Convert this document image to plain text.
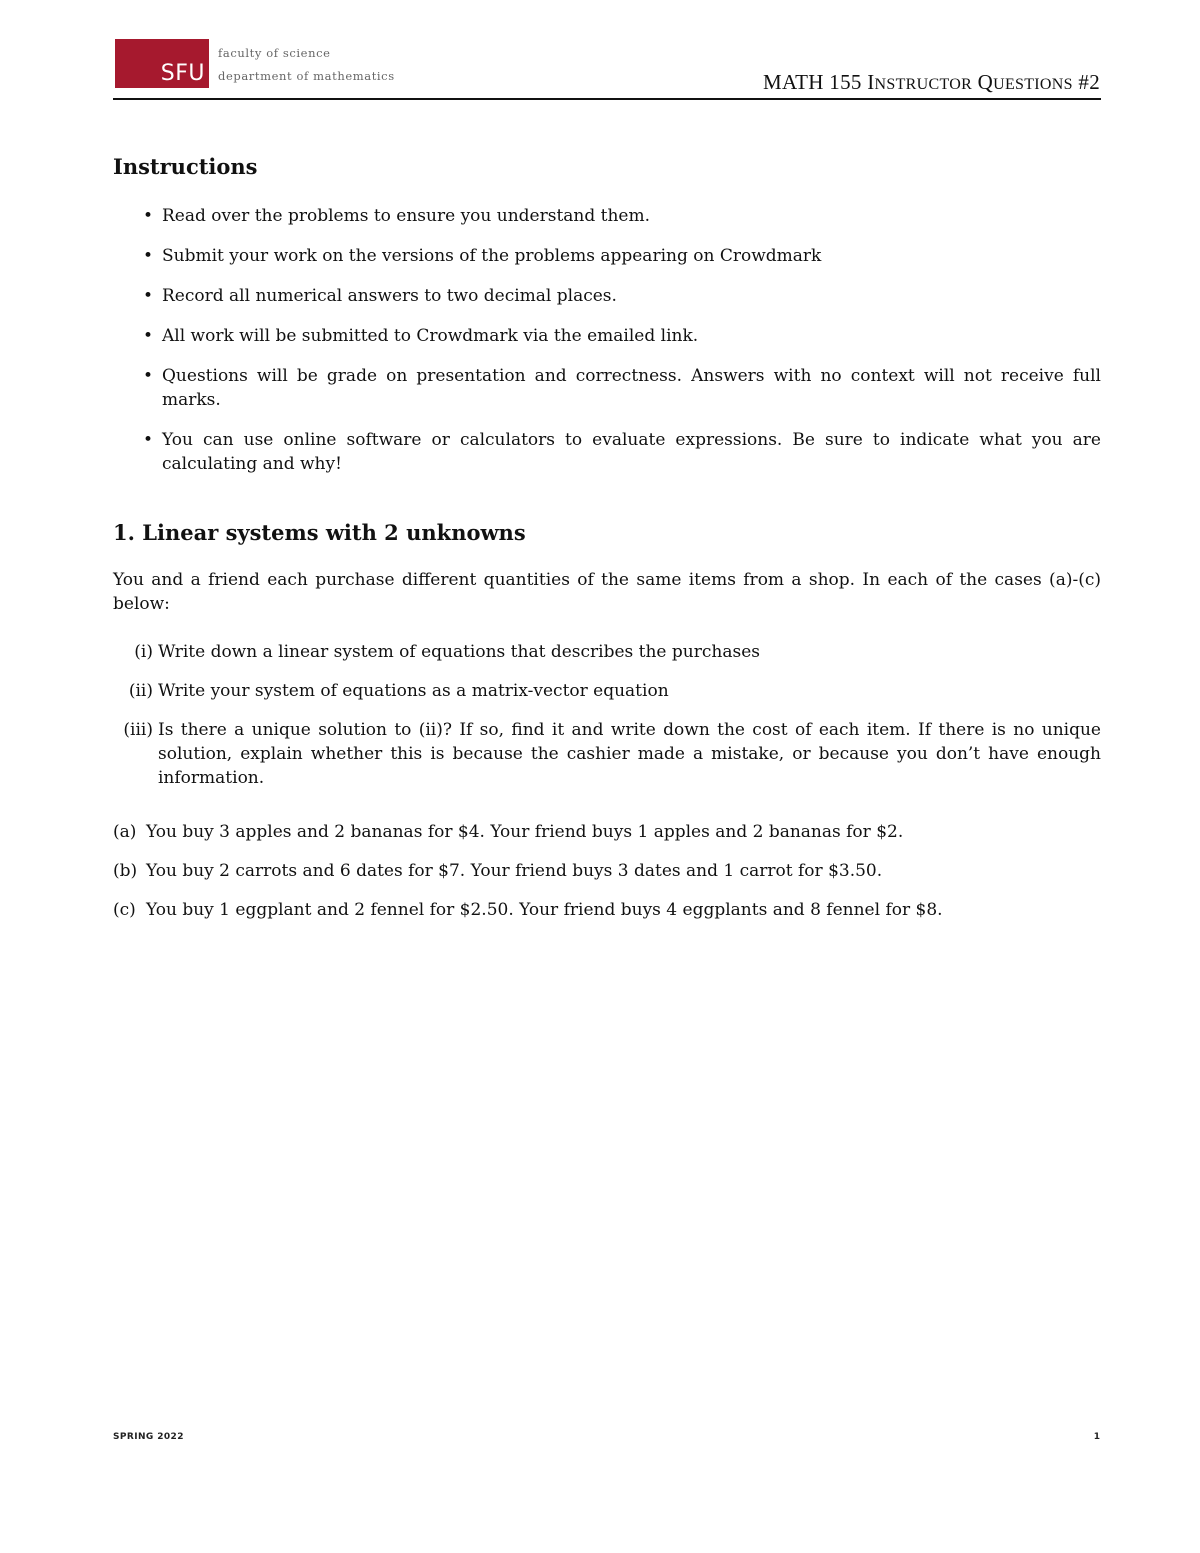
SFU
faculty of science
department of mathematics	MATH 155 INSTRUCTOR QUESTIONS #2
Instructions
• Read over the problems to ensure you understand them.
• Submit your work on the versions of the problems appearing on Crowdmark
• Record all numerical answers to two decimal places.
• All work will be submitted to Crowdmark via the emailed link.
• Questions will be grade on presentation and correctness. Answers with no context will not receive full marks.
• You can use online software or calculators to evaluate expressions. Be sure to indicate what you are calculating and why!
1. Linear systems with 2 unknowns

You and a friend each purchase different quantities of the same items from a shop. In each of the cases (a)-(c) below:

(i) Write down a linear system of equations that describes the purchases
(ii) Write your system of equations as a matrix-vector equation
(iii) Is there a unique solution to (ii)? If so, find it and write down the cost of each item. If there is no unique solution, explain whether this is because the cashier made a mistake, or because you don’t have enough information.
(a) You buy 3 apples and 2 bananas for $4. Your friend buys 1 apples and 2 bananas for $2.
(b) You buy 2 carrots and 6 dates for $7. Your friend buys 3 dates and 1 carrot for $3.50.
(c) You buy 1 eggplant and 2 fennel for $2.50. Your friend buys 4 eggplants and 8 fennel for $8.
SPRING 2022	1
